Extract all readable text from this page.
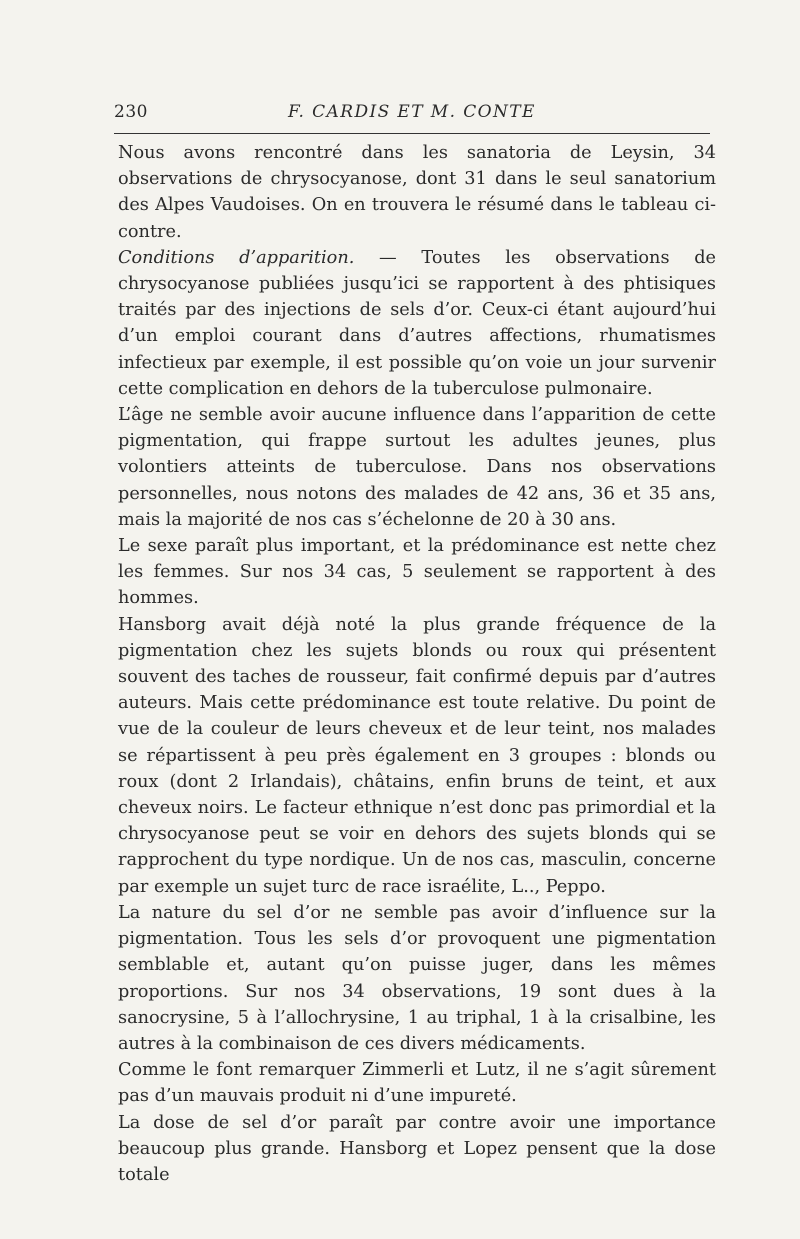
230	F. CARDIS ET M. CONTE

Nous avons rencontré dans les sanatoria de Leysin, 34 observations de chrysocyanose, dont 31 dans le seul sanatorium des Alpes Vaudoises. On en trouvera le résumé dans le tableau ci-contre.

Conditions d’apparition. — Toutes les observations de chrysocyanose publiées jusqu’ici se rapportent à des phtisiques traités par des injections de sels d’or. Ceux-ci étant aujourd’hui d’un emploi courant dans d’autres affections, rhumatismes infectieux par exemple, il est possible qu’on voie un jour survenir cette complication en dehors de la tuberculose pulmonaire.

L’âge ne semble avoir aucune influence dans l’apparition de cette pigmentation, qui frappe surtout les adultes jeunes, plus volontiers atteints de tuberculose. Dans nos observations personnelles, nous notons des malades de 42 ans, 36 et 35 ans, mais la majorité de nos cas s’échelonne de 20 à 30 ans.

Le sexe paraît plus important, et la prédominance est nette chez les femmes. Sur nos 34 cas, 5 seulement se rapportent à des hommes.

Hansborg avait déjà noté la plus grande fréquence de la pigmentation chez les sujets blonds ou roux qui présentent souvent des taches de rousseur, fait confirmé depuis par d’autres auteurs. Mais cette prédominance est toute relative. Du point de vue de la couleur de leurs cheveux et de leur teint, nos malades se répartissent à peu près également en 3 groupes : blonds ou roux (dont 2 Irlandais), châtains, enfin bruns de teint, et aux cheveux noirs. Le facteur ethnique n’est donc pas primordial et la chrysocyanose peut se voir en dehors des sujets blonds qui se rapprochent du type nordique. Un de nos cas, masculin, concerne par exemple un sujet turc de race israélite, L.., Peppo.

La nature du sel d’or ne semble pas avoir d’influence sur la pigmentation. Tous les sels d’or provoquent une pigmentation semblable et, autant qu’on puisse juger, dans les mêmes proportions. Sur nos 34 observations, 19 sont dues à la sanocrysine, 5 à l’allochrysine, 1 au triphal, 1 à la crisalbine, les autres à la combinaison de ces divers médicaments.

Comme le font remarquer Zimmerli et Lutz, il ne s’agit sûrement pas d’un mauvais produit ni d’une impureté.

La dose de sel d’or paraît par contre avoir une importance beaucoup plus grande. Hansborg et Lopez pensent que la dose totale
